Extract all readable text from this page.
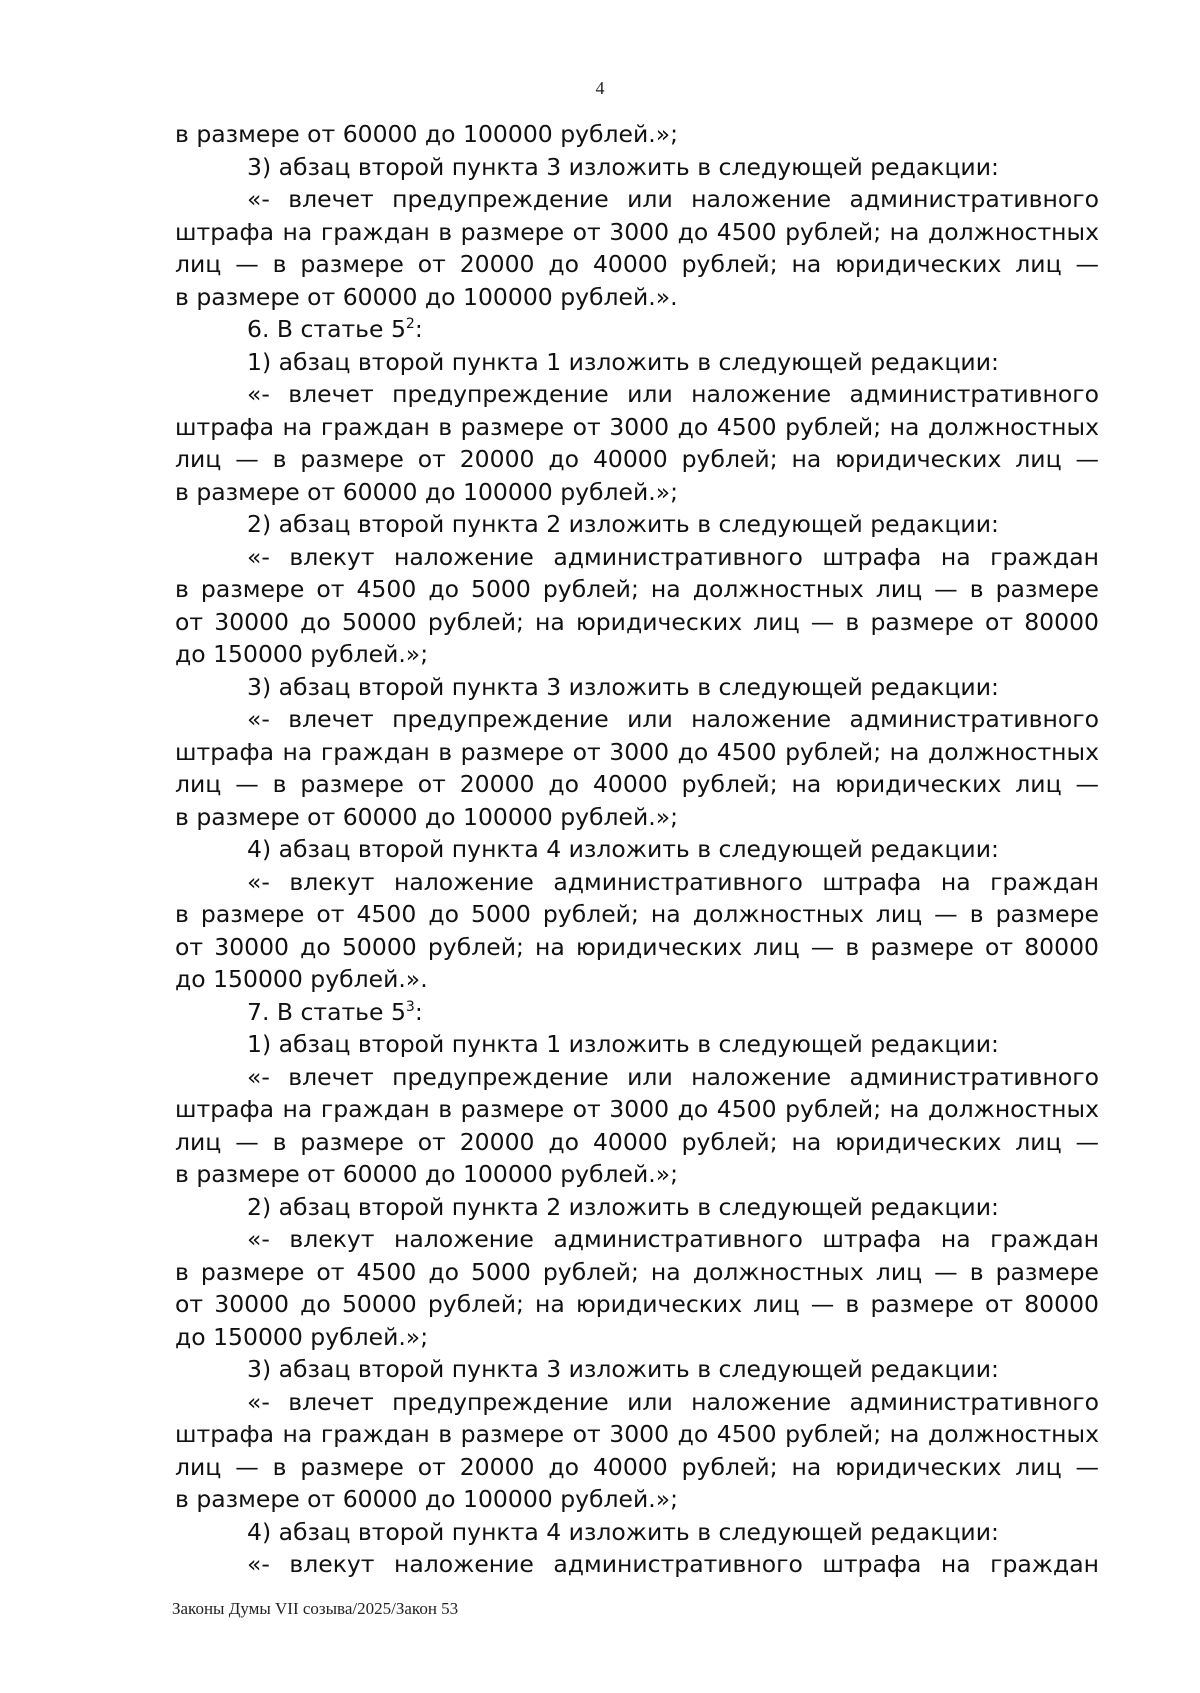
4
в размере от 60000 до 100000 рублей.»;
3) абзац второй пункта 3 изложить в следующей редакции:
«- влечет предупреждение или наложение административного
штрафа на граждан в размере от 3000 до 4500 рублей; на должностных
лиц — в размере от 20000 до 40000 рублей; на юридических лиц —
в размере от 60000 до 100000 рублей.».
6. В статье $5^2$:
1) абзац второй пункта 1 изложить в следующей редакции:
«- влечет предупреждение или наложение административного
штрафа на граждан в размере от 3000 до 4500 рублей; на должностных
лиц — в размере от 20000 до 40000 рублей; на юридических лиц —
в размере от 60000 до 100000 рублей.»;
2) абзац второй пункта 2 изложить в следующей редакции:
«- влекут наложение административного штрафа на граждан
в размере от 4500 до 5000 рублей; на должностных лиц — в размере
от 30000 до 50000 рублей; на юридических лиц — в размере от 80000
до 150000 рублей.»;
3) абзац второй пункта 3 изложить в следующей редакции:
«- влечет предупреждение или наложение административного
штрафа на граждан в размере от 3000 до 4500 рублей; на должностных
лиц — в размере от 20000 до 40000 рублей; на юридических лиц —
в размере от 60000 до 100000 рублей.»;
4) абзац второй пункта 4 изложить в следующей редакции:
«- влекут наложение административного штрафа на граждан
в размере от 4500 до 5000 рублей; на должностных лиц — в размере
от 30000 до 50000 рублей; на юридических лиц — в размере от 80000
до 150000 рублей.».
7. В статье $5^3$:
1) абзац второй пункта 1 изложить в следующей редакции:
«- влечет предупреждение или наложение административного
штрафа на граждан в размере от 3000 до 4500 рублей; на должностных
лиц — в размере от 20000 до 40000 рублей; на юридических лиц —
в размере от 60000 до 100000 рублей.»;
2) абзац второй пункта 2 изложить в следующей редакции:
«- влекут наложение административного штрафа на граждан
в размере от 4500 до 5000 рублей; на должностных лиц — в размере
от 30000 до 50000 рублей; на юридических лиц — в размере от 80000
до 150000 рублей.»;
3) абзац второй пункта 3 изложить в следующей редакции:
«- влечет предупреждение или наложение административного
штрафа на граждан в размере от 3000 до 4500 рублей; на должностных
лиц — в размере от 20000 до 40000 рублей; на юридических лиц —
в размере от 60000 до 100000 рублей.»;
4) абзац второй пункта 4 изложить в следующей редакции:
«- влекут наложение административного штрафа на граждан
Законы Думы VII созыва/2025/Закон 53
